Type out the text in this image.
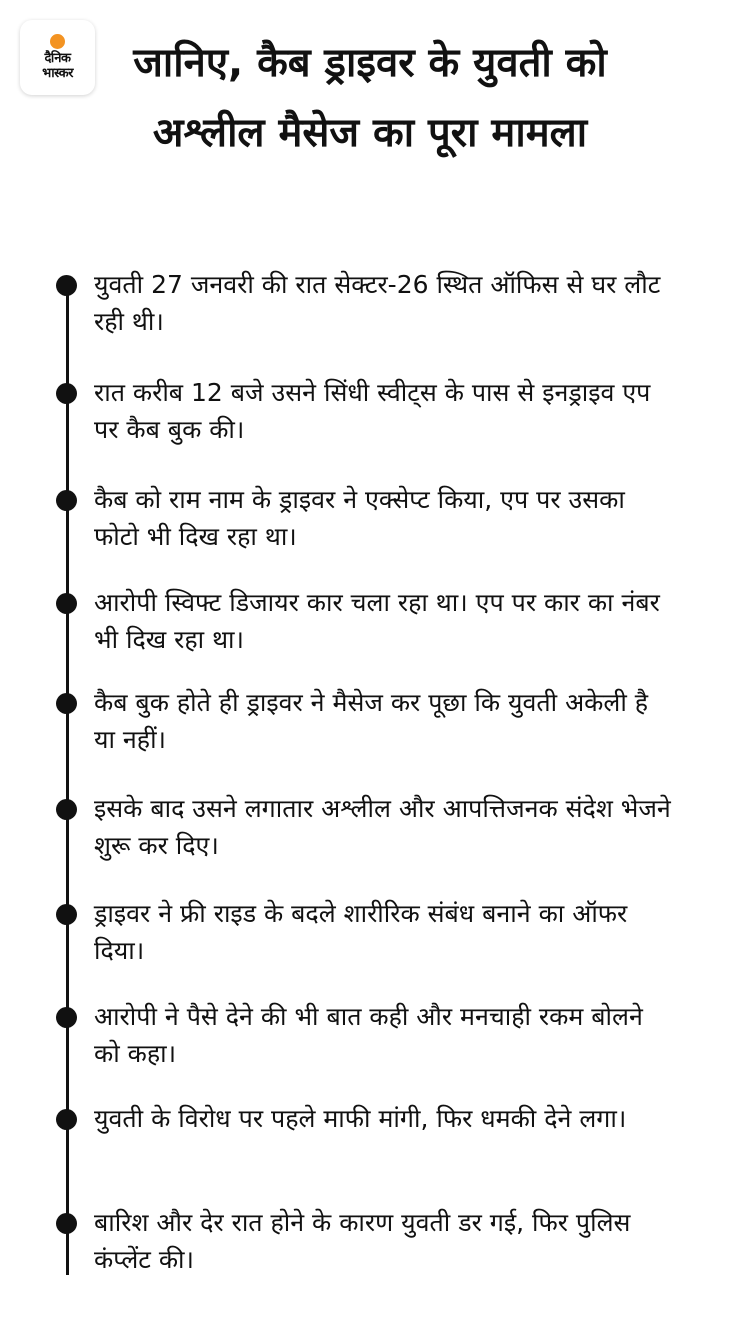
दैनिक
भास्कर	जानिए, कैब ड्राइवर के युवती को अश्लील मैसेज का पूरा मामला
युवती 27 जनवरी की रात सेक्टर-26 स्थित ऑफिस से घर लौट रही थी।
रात करीब 12 बजे उसने सिंधी स्वीट्स के पास से इनड्राइव एप पर कैब बुक की।
कैब को राम नाम के ड्राइवर ने एक्सेप्ट किया, एप पर उसका फोटो भी दिख रहा था।
आरोपी स्विफ्ट डिजायर कार चला रहा था। एप पर कार का नंबर भी दिख रहा था।
कैब बुक होते ही ड्राइवर ने मैसेज कर पूछा कि युवती अकेली है या नहीं।
इसके बाद उसने लगातार अश्लील और आपत्तिजनक संदेश भेजने शुरू कर दिए।
ड्राइवर ने फ्री राइड के बदले शारीरिक संबंध बनाने का ऑफर दिया।
आरोपी ने पैसे देने की भी बात कही और मनचाही रकम बोलने को कहा।
युवती के विरोध पर पहले माफी मांगी, फिर धमकी देने लगा।
बारिश और देर रात होने के कारण युवती डर गई, फिर पुलिस कंप्लेंट की।
